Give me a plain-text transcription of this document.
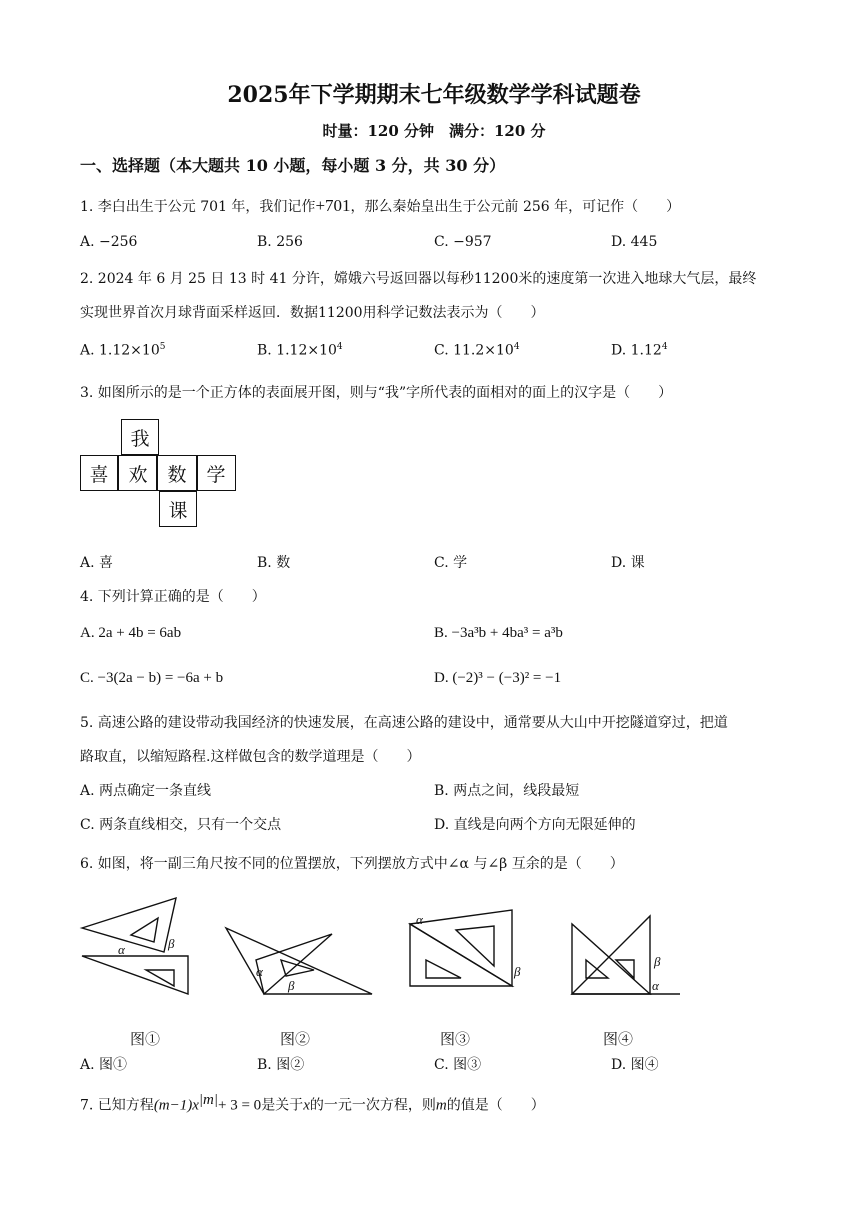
2025年下学期期末七年级数学学科试题卷
时量：120 分钟　满分：120 分
一、选择题（本大题共 10 小题，每小题 3 分，共 30 分）
1. 李白出生于公元 701 年，我们记作+701，那么秦始皇出生于公元前 256 年，可记作（　　）
A. −256	B. 256	C. −957	D. 445
2. 2024 年 6 月 25 日 13 时 41 分许，嫦娥六号返回器以每秒11200米的速度第一次进入地球大气层，最终
实现世界首次月球背面采样返回．数据11200用科学记数法表示为（　　）
A. $1.12\times 10^5$	B. $1.12\times 10^4$	C. $11.2\times 10^4$	D. 1.12$^4$
3. 如图所示的是一个正方体的表面展开图，则与“我”字所代表的面相对的面上的汉字是（　　）
我
喜	欢	数	学
课
A. 喜	B. 数	C. 学	D. 课
4. 下列计算正确的是（　　）
A. 2a + 4b = 6ab	B. −3a³b + 4ba³ = a³b
C. −3(2a − b) = −6a + b	D. (−2)³ − (−3)² = −1
5. 高速公路的建设带动我国经济的快速发展，在高速公路的建设中，通常要从大山中开挖隧道穿过，把道
路取直，以缩短路程.这样做包含的数学道理是（　　）
A. 两点确定一条直线	B. 两点之间，线段最短
C. 两条直线相交，只有一个交点	D. 直线是向两个方向无限延伸的
6. 如图，将一副三角尺按不同的位置摆放，下列摆放方式中∠α 与∠β 互余的是（　　）
α	β
α
β
α
β
β
α
图①	图②	图③	图④
A. 图①	B. 图②	C. 图③	D. 图④
7. 已知方程$(m-1)x^{|m|}+ 3 = 0$是关于x的一元一次方程，则m的值是（　　）
